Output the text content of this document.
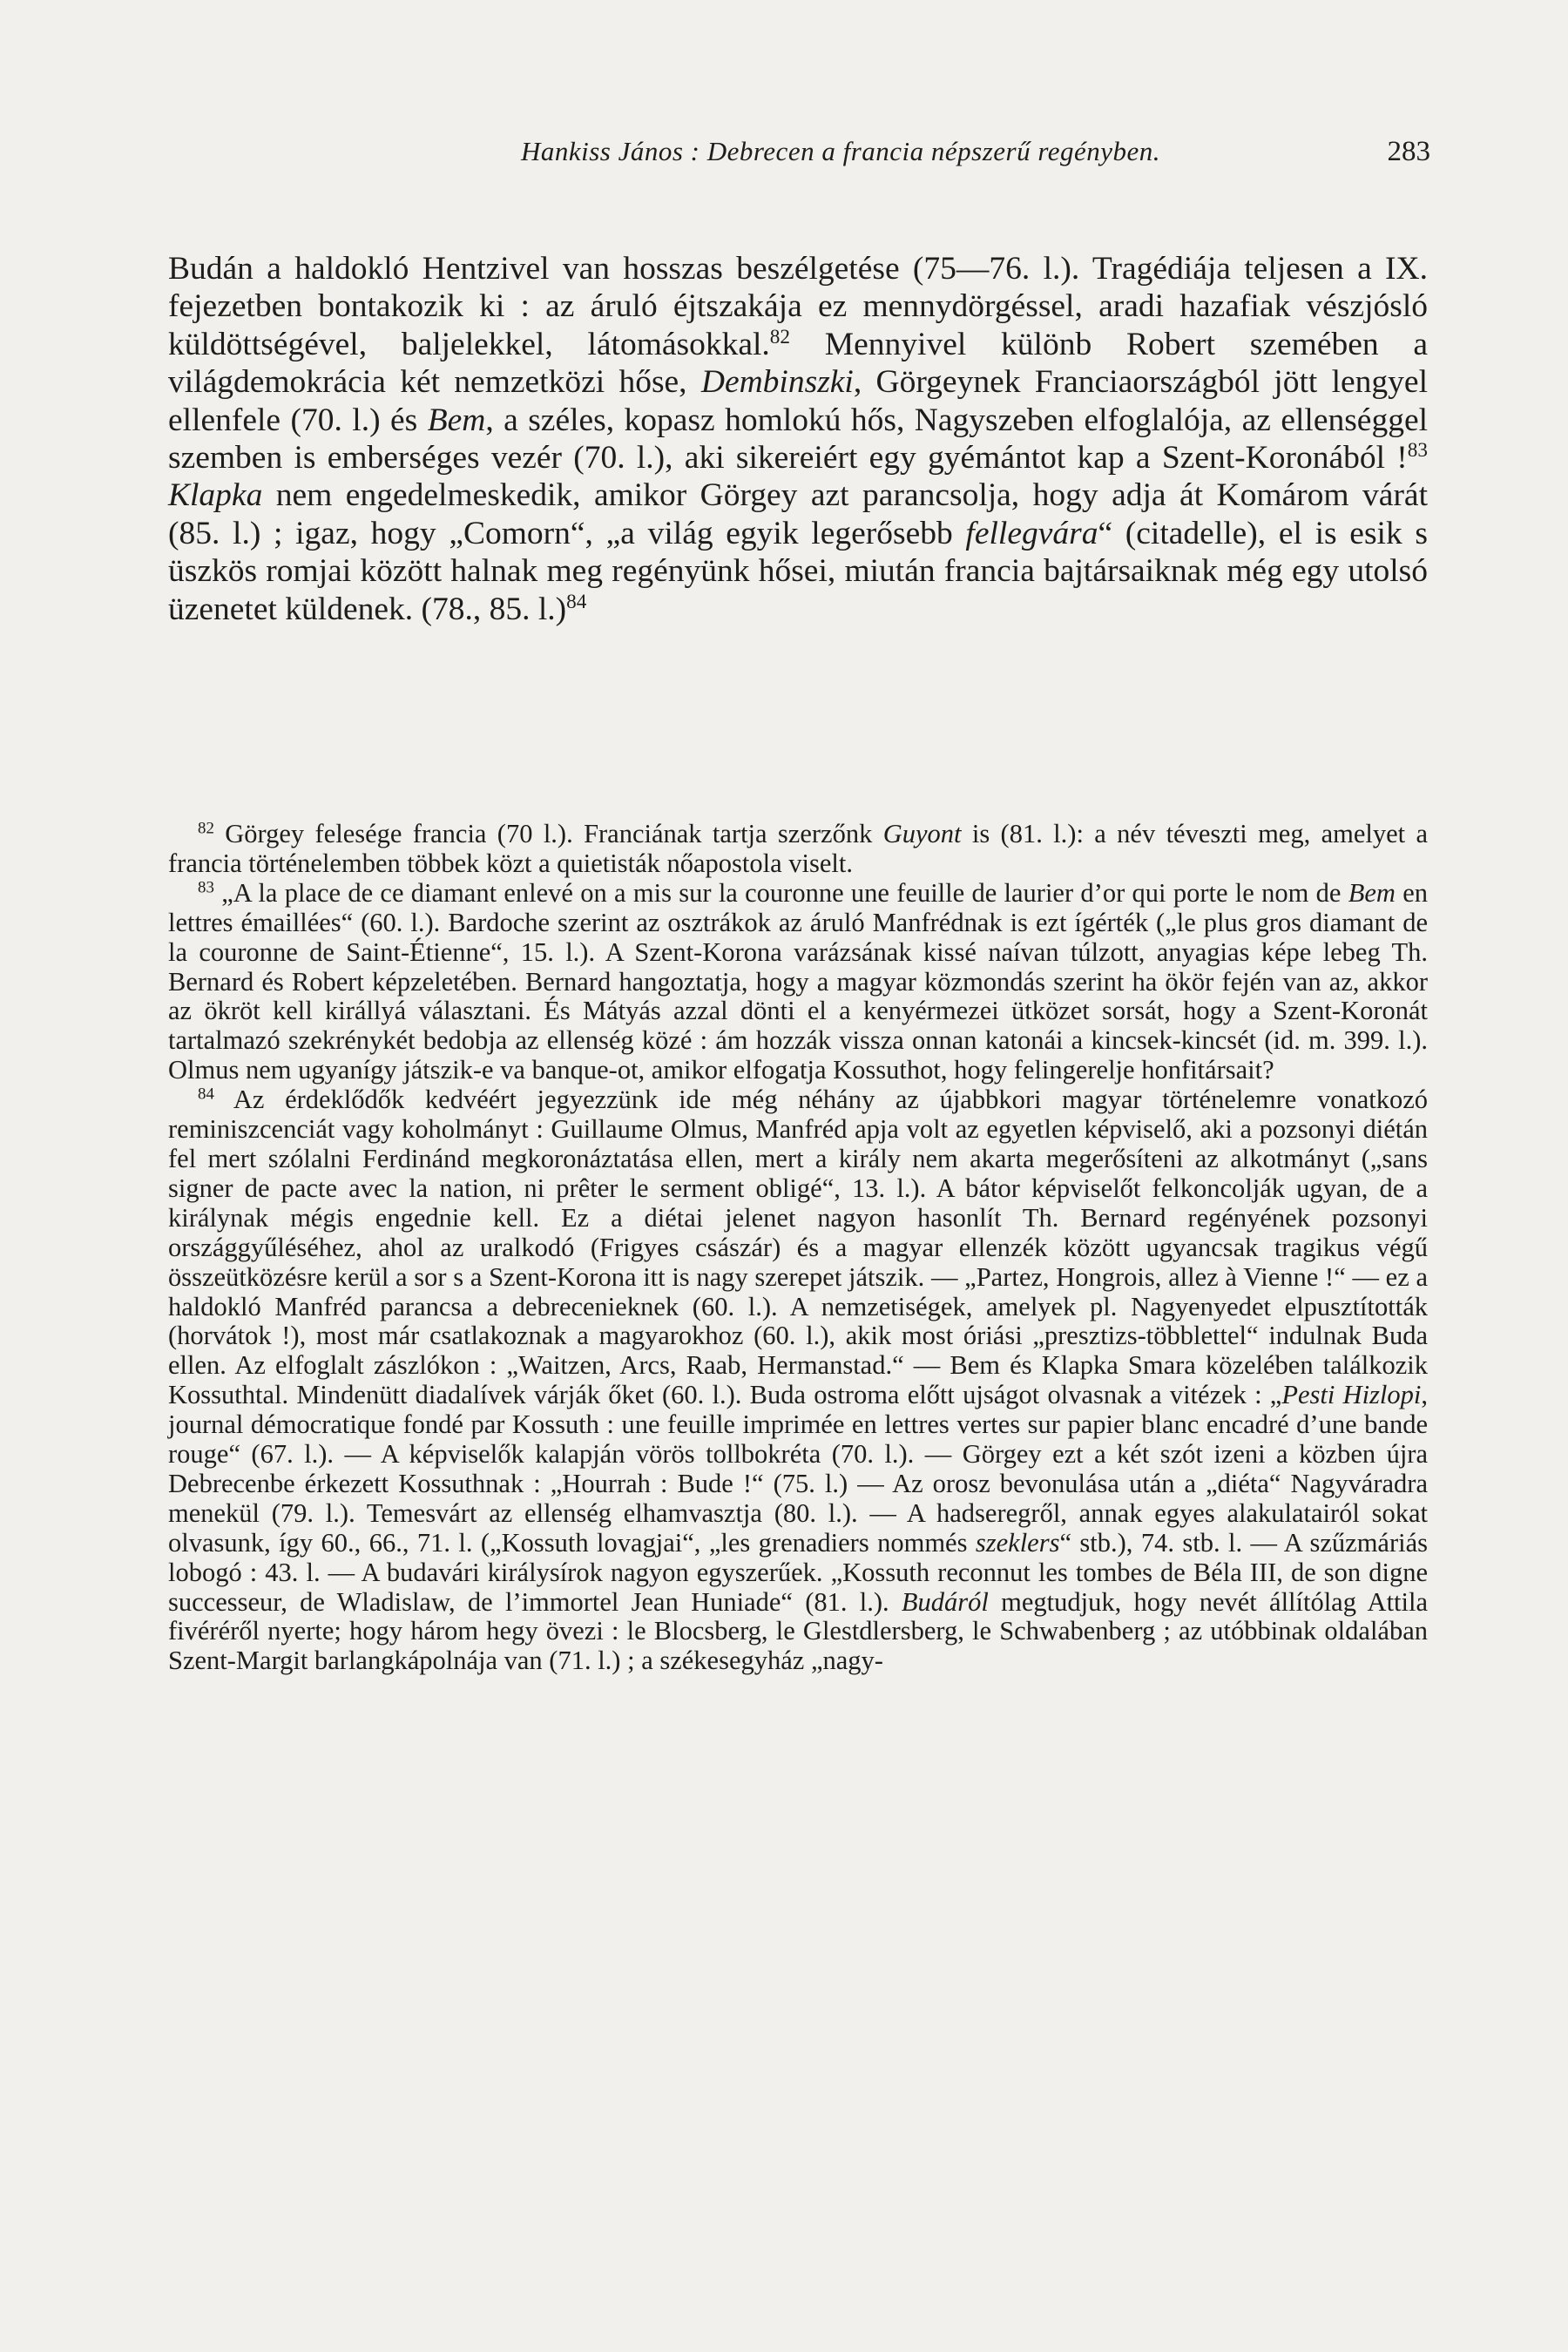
Hankiss János : Debrecen a francia népszerű regényben.	283
Budán a haldokló Hentzivel van hosszas beszélgetése (75—76. l.). Tragédiája teljesen a IX. fejezetben bontakozik ki : az áruló éjtszakája ez mennydörgéssel, aradi hazafiak vészjósló küldöttségével, baljelekkel, látomásokkal.$^{82}$ Mennyivel különb Robert szemében a világdemokrácia két nemzetközi hőse, Dembinszki, Görgeynek Franciaországból jött lengyel ellenfele (70. l.) és Bem, a széles, kopasz homlokú hős, Nagyszeben elfoglalója, az ellenséggel szemben is emberséges vezér (70. l.), aki sikereiért egy gyémántot kap a Szent-Koronából !$^{83}$ Klapka nem engedelmeskedik, amikor Görgey azt parancsolja, hogy adja át Komárom várát (85. l.) ; igaz, hogy „Comorn“, „a világ egyik legerősebb fellegvára“ (citadelle), el is esik s üszkös romjai között halnak meg regényünk hősei, miután francia bajtársaiknak még egy utolsó üzenetet küldenek. (78., 85. l.)$^{84}$

$^{82}$ Görgey felesége francia (70 l.). Franciának tartja szerzőnk Guyont is (81. l.): a név téveszti meg, amelyet a francia történelemben többek közt a quietisták nőapostola viselt.

$^{83}$ „A la place de ce diamant enlevé on a mis sur la couronne une feuille de laurier d’or qui porte le nom de Bem en lettres émaillées“ (60. l.). Bardoche szerint az osztrákok az áruló Manfrédnak is ezt ígérték („le plus gros diamant de la couronne de Saint-Étienne“, 15. l.). A Szent-Korona varázsának kissé naívan túlzott, anyagias képe lebeg Th. Bernard és Robert képzeletében. Bernard hangoztatja, hogy a magyar közmondás szerint ha ökör fején van az, akkor az ökröt kell királlyá választani. És Mátyás azzal dönti el a kenyérmezei ütközet sorsát, hogy a Szent-Koronát tartalmazó szekrénykét bedobja az ellenség közé : ám hozzák vissza onnan katonái a kincsek-kincsét (id. m. 399. l.). Olmus nem ugyanígy játszik-e va banque-ot, amikor elfogatja Kossuthot, hogy felingerelje honfitársait?

$^{84}$ Az érdeklődők kedvéért jegyezzünk ide még néhány az újabbkori magyar történelemre vonatkozó reminiszcenciát vagy koholmányt : Guillaume Olmus, Manfréd apja volt az egyetlen képviselő, aki a pozsonyi diétán fel mert szólalni Ferdinánd megkoronáztatása ellen, mert a király nem akarta megerősíteni az alkotmányt („sans signer de pacte avec la nation, ni prêter le serment obligé“, 13. l.). A bátor képviselőt felkoncolják ugyan, de a királynak mégis engednie kell. Ez a diétai jelenet nagyon hasonlít Th. Bernard regényének pozsonyi országgyűléséhez, ahol az uralkodó (Frigyes császár) és a magyar ellenzék között ugyancsak tragikus végű összeütközésre kerül a sor s a Szent-Korona itt is nagy szerepet játszik. — „Partez, Hongrois, allez à Vienne !“ — ez a haldokló Manfréd parancsa a debrecenieknek (60. l.). A nemzetiségek, amelyek pl. Nagyenyedet elpusztították (horvátok !), most már csatlakoznak a magyarokhoz (60. l.), akik most óriási „presztizs-többlettel“ indulnak Buda ellen. Az elfoglalt zászlókon : „Waitzen, Arcs, Raab, Hermanstad.“ — Bem és Klapka Smara közelében találkozik Kossuthtal. Mindenütt diadalívek várják őket (60. l.). Buda ostroma előtt ujságot olvasnak a vitézek : „Pesti Hizlopi, journal démocratique fondé par Kossuth : une feuille imprimée en lettres vertes sur papier blanc encadré d’une bande rouge“ (67. l.). — A képviselők kalapján vörös tollbokréta (70. l.). — Görgey ezt a két szót izeni a közben újra Debrecenbe érkezett Kossuthnak : „Hourrah : Bude !“ (75. l.) — Az orosz bevonulása után a „diéta“ Nagyváradra menekül (79. l.). Temesvárt az ellenség elhamvasztja (80. l.). — A hadseregről, annak egyes alakulatairól sokat olvasunk, így 60., 66., 71. l. („Kossuth lovagjai“, „les grenadiers nommés szeklers“ stb.), 74. stb. l. — A szűzmáriás lobogó : 43. l. — A budavári királysírok nagyon egyszerűek. „Kossuth reconnut les tombes de Béla III, de son digne successeur, de Wladislaw, de l’immortel Jean Huniade“ (81. l.). Budáról megtudjuk, hogy nevét állítólag Attila fivéréről nyerte; hogy három hegy övezi : le Blocsberg, le Glestdlersberg, le Schwabenberg ; az utóbbinak oldalában Szent-Margit barlangkápolnája van (71. l.) ; a székesegyház „nagy-
